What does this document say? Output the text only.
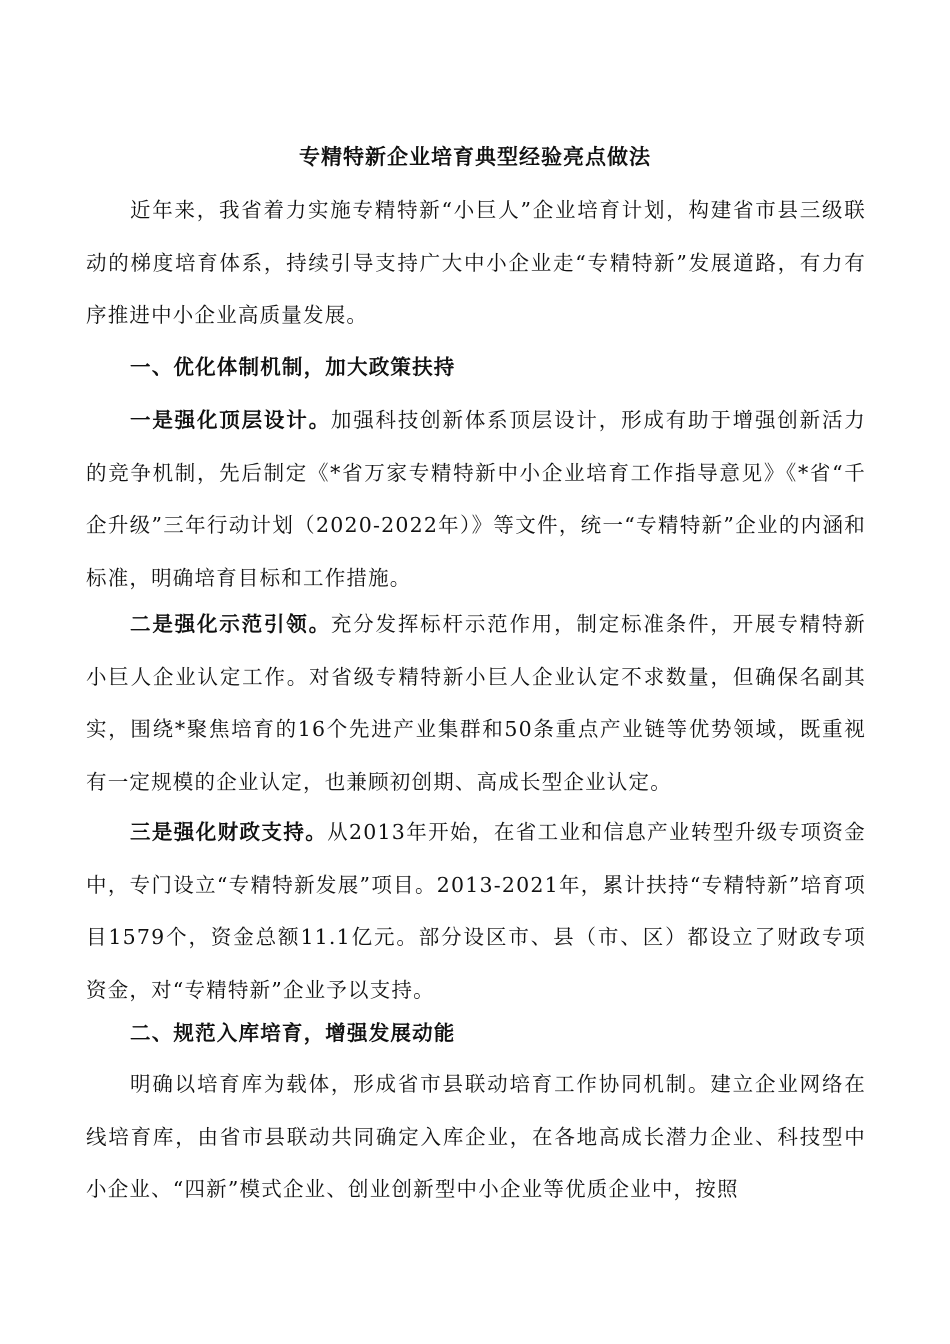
专精特新企业培育典型经验亮点做法

近年来，我省着力实施专精特新“小巨人”企业培育计划，构建省市县三级联动的梯度培育体系，持续引导支持广大中小企业走“专精特新”发展道路，有力有序推进中小企业高质量发展。

一、优化体制机制，加大政策扶持

一是强化顶层设计。加强科技创新体系顶层设计，形成有助于增强创新活力的竞争机制，先后制定《*省万家专精特新中小企业培育工作指导意见》《*省“千企升级”三年行动计划（2020-2022年）》等文件，统一“专精特新”企业的内涵和标准，明确培育目标和工作措施。

二是强化示范引领。充分发挥标杆示范作用，制定标准条件，开展专精特新小巨人企业认定工作。对省级专精特新小巨人企业认定不求数量，但确保名副其实，围绕*聚焦培育的16个先进产业集群和50条重点产业链等优势领域，既重视有一定规模的企业认定，也兼顾初创期、高成长型企业认定。

三是强化财政支持。从2013年开始，在省工业和信息产业转型升级专项资金中，专门设立“专精特新发展”项目。2013-2021年，累计扶持“专精特新”培育项目1579个，资金总额11.1亿元。部分设区市、县（市、区）都设立了财政专项资金，对“专精特新”企业予以支持。

二、规范入库培育，增强发展动能

明确以培育库为载体，形成省市县联动培育工作协同机制。建立企业网络在线培育库，由省市县联动共同确定入库企业，在各地高成长潜力企业、科技型中小企业、“四新”模式企业、创业创新型中小企业等优质企业中，按照
